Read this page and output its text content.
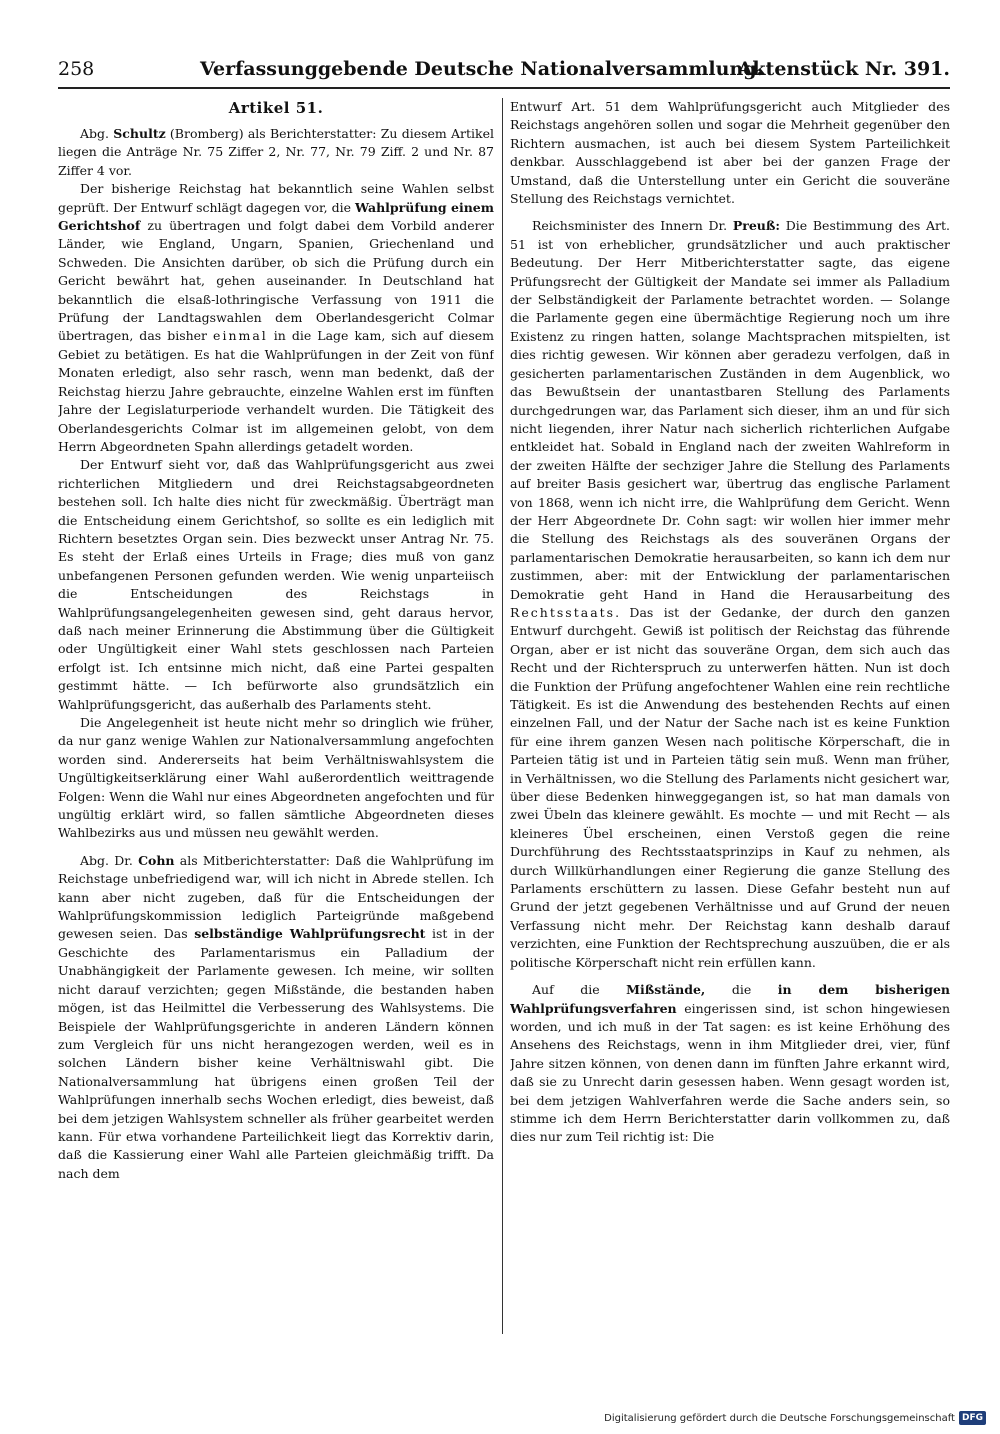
258	Verfassunggebende Deutsche Nationalversammlung.
Aktenstück Nr. 391.
Artikel 51.

Abg. Schultz (Bromberg) als Berichterstatter: Zu diesem Artikel liegen die Anträge Nr. 75 Ziffer 2, Nr. 77, Nr. 79 Ziff. 2 und Nr. 87 Ziffer 4 vor.

Der bisherige Reichstag hat bekanntlich seine Wahlen selbst geprüft. Der Entwurf schlägt dagegen vor, die Wahlprüfung einem Gerichtshof zu übertragen und folgt dabei dem Vorbild anderer Länder, wie England, Ungarn, Spanien, Griechenland und Schweden. Die Ansichten darüber, ob sich die Prüfung durch ein Gericht bewährt hat, gehen auseinander. In Deutschland hat bekanntlich die elsaß-lothringische Verfassung von 1911 die Prüfung der Landtagswahlen dem Oberlandesgericht Colmar übertragen, das bisher einmal in die Lage kam, sich auf diesem Gebiet zu betätigen. Es hat die Wahlprüfungen in der Zeit von fünf Monaten erledigt, also sehr rasch, wenn man bedenkt, daß der Reichstag hierzu Jahre gebrauchte, einzelne Wahlen erst im fünften Jahre der Legislaturperiode verhandelt wurden. Die Tätigkeit des Oberlandesgerichts Colmar ist im allgemeinen gelobt, von dem Herrn Abgeordneten Spahn allerdings getadelt worden.

Der Entwurf sieht vor, daß das Wahlprüfungsgericht aus zwei richterlichen Mitgliedern und drei Reichstagsabgeordneten bestehen soll. Ich halte dies nicht für zweckmäßig. Überträgt man die Entscheidung einem Gerichtshof, so sollte es ein lediglich mit Richtern besetztes Organ sein. Dies bezweckt unser Antrag Nr. 75. Es steht der Erlaß eines Urteils in Frage; dies muß von ganz unbefangenen Personen gefunden werden. Wie wenig unparteiisch die Entscheidungen des Reichstags in Wahlprüfungsangelegenheiten gewesen sind, geht daraus hervor, daß nach meiner Erinnerung die Abstimmung über die Gültigkeit oder Ungültigkeit einer Wahl stets geschlossen nach Parteien erfolgt ist. Ich entsinne mich nicht, daß eine Partei gespalten gestimmt hätte. — Ich befürworte also grundsätzlich ein Wahlprüfungsgericht, das außerhalb des Parlaments steht.

Die Angelegenheit ist heute nicht mehr so dringlich wie früher, da nur ganz wenige Wahlen zur Nationalversammlung angefochten worden sind. Andererseits hat beim Verhältniswahlsystem die Ungültigkeitserklärung einer Wahl außerordentlich weittragende Folgen: Wenn die Wahl nur eines Abgeordneten angefochten und für ungültig erklärt wird, so fallen sämtliche Abgeordneten dieses Wahlbezirks aus und müssen neu gewählt werden.

Abg. Dr. Cohn als Mitberichterstatter: Daß die Wahlprüfung im Reichstage unbefriedigend war, will ich nicht in Abrede stellen. Ich kann aber nicht zugeben, daß für die Entscheidungen der Wahlprüfungskommission lediglich Parteigründe maßgebend gewesen seien. Das selbständige Wahlprüfungsrecht ist in der Geschichte des Parlamentarismus ein Palladium der Unabhängigkeit der Parlamente gewesen. Ich meine, wir sollten nicht darauf verzichten; gegen Mißstände, die bestanden haben mögen, ist das Heilmittel die Verbesserung des Wahlsystems. Die Beispiele der Wahlprüfungsgerichte in anderen Ländern können zum Vergleich für uns nicht herangezogen werden, weil es in solchen Ländern bisher keine Verhältniswahl gibt. Die Nationalversammlung hat übrigens einen großen Teil der Wahlprüfungen innerhalb sechs Wochen erledigt, dies beweist, daß bei dem jetzigen Wahlsystem schneller als früher gearbeitet werden kann. Für etwa vorhandene Parteilichkeit liegt das Korrektiv darin, daß die Kassierung einer Wahl alle Parteien gleichmäßig trifft. Da nach dem

Entwurf Art. 51 dem Wahlprüfungsgericht auch Mitglieder des Reichstags angehören sollen und sogar die Mehrheit gegenüber den Richtern ausmachen, ist auch bei diesem System Parteilichkeit denkbar. Ausschlaggebend ist aber bei der ganzen Frage der Umstand, daß die Unterstellung unter ein Gericht die souveräne Stellung des Reichstags vernichtet.

Reichsminister des Innern Dr. Preuß: Die Bestimmung des Art. 51 ist von erheblicher, grundsätzlicher und auch praktischer Bedeutung. Der Herr Mitberichterstatter sagte, das eigene Prüfungsrecht der Gültigkeit der Mandate sei immer als Palladium der Selbständigkeit der Parlamente betrachtet worden. — Solange die Parlamente gegen eine übermächtige Regierung noch um ihre Existenz zu ringen hatten, solange Machtsprachen mitspielten, ist dies richtig gewesen. Wir können aber geradezu verfolgen, daß in gesicherten parlamentarischen Zuständen in dem Augenblick, wo das Bewußtsein der unantastbaren Stellung des Parlaments durchgedrungen war, das Parlament sich dieser, ihm an und für sich nicht liegenden, ihrer Natur nach sicherlich richterlichen Aufgabe entkleidet hat. Sobald in England nach der zweiten Wahlreform in der zweiten Hälfte der sechziger Jahre die Stellung des Parlaments auf breiter Basis gesichert war, übertrug das englische Parlament von 1868, wenn ich nicht irre, die Wahlprüfung dem Gericht. Wenn der Herr Abgeordnete Dr. Cohn sagt: wir wollen hier immer mehr die Stellung des Reichstags als des souveränen Organs der parlamentarischen Demokratie herausarbeiten, so kann ich dem nur zustimmen, aber: mit der Entwicklung der parlamentarischen Demokratie geht Hand in Hand die Herausarbeitung des Rechtsstaats. Das ist der Gedanke, der durch den ganzen Entwurf durchgeht. Gewiß ist politisch der Reichstag das führende Organ, aber er ist nicht das souveräne Organ, dem sich auch das Recht und der Richterspruch zu unterwerfen hätten. Nun ist doch die Funktion der Prüfung angefochtener Wahlen eine rein rechtliche Tätigkeit. Es ist die Anwendung des bestehenden Rechts auf einen einzelnen Fall, und der Natur der Sache nach ist es keine Funktion für eine ihrem ganzen Wesen nach politische Körperschaft, die in Parteien tätig ist und in Parteien tätig sein muß. Wenn man früher, in Verhältnissen, wo die Stellung des Parlaments nicht gesichert war, über diese Bedenken hinweggegangen ist, so hat man damals von zwei Übeln das kleinere gewählt. Es mochte — und mit Recht — als kleineres Übel erscheinen, einen Verstoß gegen die reine Durchführung des Rechtsstaatsprinzips in Kauf zu nehmen, als durch Willkürhandlungen einer Regierung die ganze Stellung des Parlaments erschüttern zu lassen. Diese Gefahr besteht nun auf Grund der jetzt gegebenen Verhältnisse und auf Grund der neuen Verfassung nicht mehr. Der Reichstag kann deshalb darauf verzichten, eine Funktion der Rechtsprechung auszuüben, die er als politische Körperschaft nicht rein erfüllen kann.

Auf die Mißstände, die in dem bisherigen Wahlprüfungsverfahren eingerissen sind, ist schon hingewiesen worden, und ich muß in der Tat sagen: es ist keine Erhöhung des Ansehens des Reichstags, wenn in ihm Mitglieder drei, vier, fünf Jahre sitzen können, von denen dann im fünften Jahre erkannt wird, daß sie zu Unrecht darin gesessen haben. Wenn gesagt worden ist, bei dem jetzigen Wahlverfahren werde die Sache anders sein, so stimme ich dem Herrn Berichterstatter darin vollkommen zu, daß dies nur zum Teil richtig ist: Die

Digitalisierung gefördert durch die Deutsche Forschungsgemeinschaft DFG
